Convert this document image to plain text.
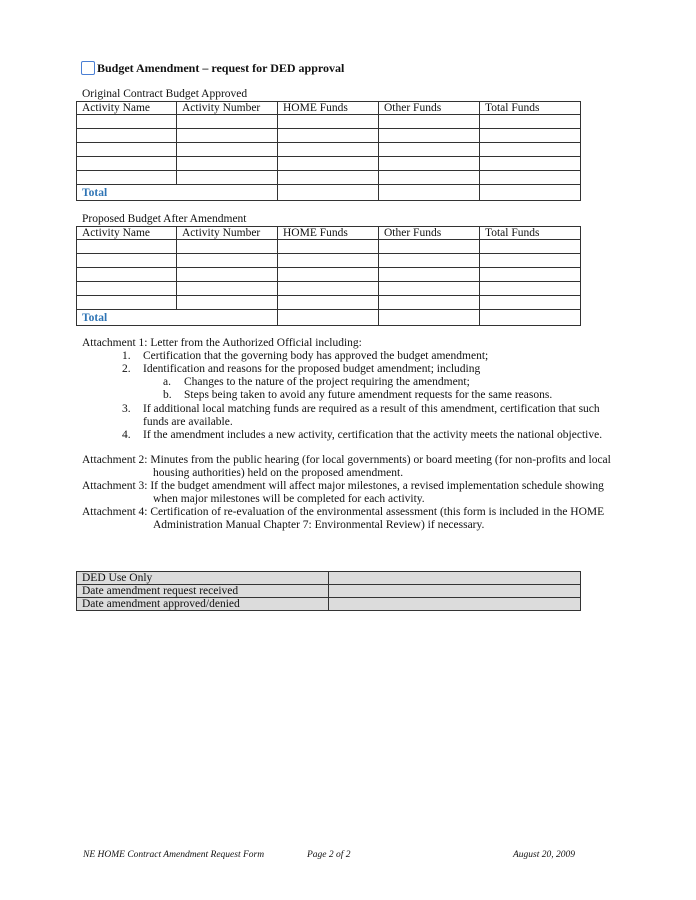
Budget Amendment – request for DED approval
Original Contract Budget Approved
Activity Name	Activity Number	HOME Funds	Other Funds	Total Funds

Total				
Proposed Budget After Amendment
Activity Name	Activity Number	HOME Funds	Other Funds	Total Funds

Total				
Attachment 1: Letter from the Authorized Official including:
1. Certification that the governing body has approved the budget amendment;
2. Identification and reasons for the proposed budget amendment; including
a. Changes to the nature of the project requiring the amendment;
b. Steps being taken to avoid any future amendment requests for the same reasons.
3. If additional local matching funds are required as a result of this amendment, certification that such funds are available.
4. If the amendment includes a new activity, certification that the activity meets the national objective.
Attachment 2: Minutes from the public hearing (for local governments) or board meeting (for non-profits and local
housing authorities) held on the proposed amendment.
Attachment 3: If the budget amendment will affect major milestones, a revised implementation schedule showing
when major milestones will be completed for each activity.
Attachment 4: Certification of re-evaluation of the environmental assessment (this form is included in the HOME
Administration Manual Chapter 7: Environmental Review) if necessary.
DED Use Only	
Date amendment request received	
Date amendment approved/denied	
NE HOME Contract Amendment Request Form	Page 2 of 2	August 20, 2009
